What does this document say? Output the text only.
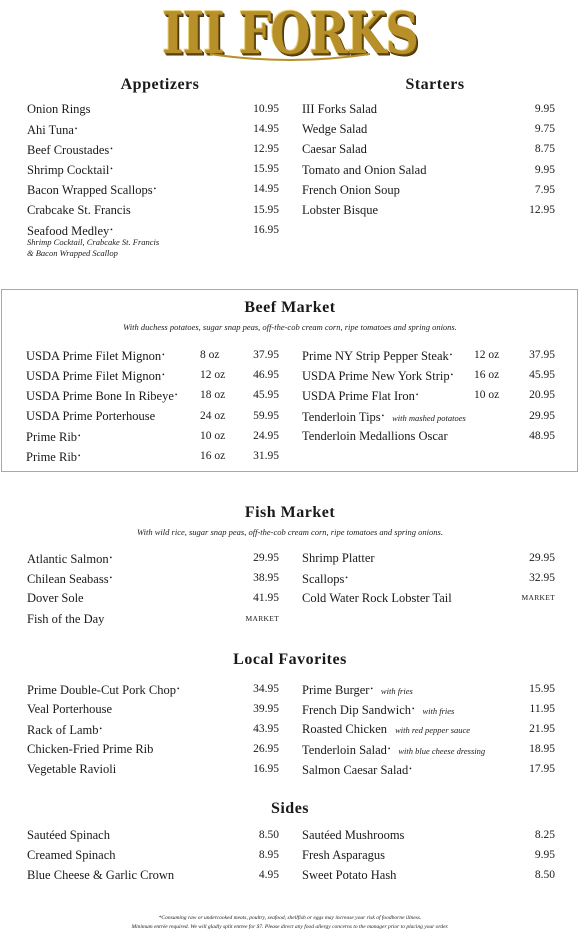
III FORKS
Appetizers
Onion Rings	10.95
Ahi Tuna•	14.95
Beef Croustades•	12.95
Shrimp Cocktail•	15.95
Bacon Wrapped Scallops•	14.95
Crabcake St. Francis	15.95
Seafood Medley•	16.95
Shrimp Cocktail, Crabcake St. Francis
& Bacon Wrapped Scallop
Starters
III Forks Salad	9.95
Wedge Salad	9.75
Caesar Salad	8.75
Tomato and Onion Salad	9.95
French Onion Soup	7.95
Lobster Bisque	12.95
Beef Market
With duchess potatoes, sugar snap peas, off-the-cob cream corn, ripe tomatoes and spring onions.
USDA Prime Filet Mignon•	8 oz	37.95
USDA Prime Filet Mignon•	12 oz 46.95
USDA Prime Bone In Ribeye• 18 oz 45.95
USDA Prime Porterhouse	24 oz 59.95
Prime Rib•	10 oz 24.95
Prime Rib•	16 oz 31.95
Prime NY Strip Pepper Steak• 12 oz	37.95
USDA Prime New York Strip• 16 oz	45.95
USDA Prime Flat Iron•	10 oz	20.95
Tenderloin Tips• with mashed potatoes	29.95
Tenderloin Medallions Oscar	48.95
Fish Market
With wild rice, sugar snap peas, off-the-cob cream corn, ripe tomatoes and spring onions.
Atlantic Salmon•	29.95
Chilean Seabass•	38.95
Dover Sole	41.95
Fish of the Day	MARKET
Shrimp Platter	29.95
Scallops•	32.95
Cold Water Rock Lobster Tail	MARKET
Local Favorites
Prime Double-Cut Pork Chop•	34.95
Veal Porterhouse	39.95
Rack of Lamb•	43.95
Chicken-Fried Prime Rib	26.95
Vegetable Ravioli	16.95
Prime Burger• with fries	15.95
French Dip Sandwich• with fries	11.95
Roasted Chicken with red pepper sauce	21.95
Tenderloin Salad• with blue cheese dressing	18.95
Salmon Caesar Salad•	17.95
Sides
Sautéed Spinach	8.50
Creamed Spinach	8.95
Blue Cheese & Garlic Crown	4.95
Sautéed Mushrooms	8.25
Fresh Asparagus	9.95
Sweet Potato Hash	8.50
*Consuming raw or undercooked meats, poultry, seafood, shellfish or eggs may increase your risk of foodborne illness.
Minimum entrée required. We will gladly split entree for $7. Please direct any food allergy concerns to the manager prior to placing your order.
